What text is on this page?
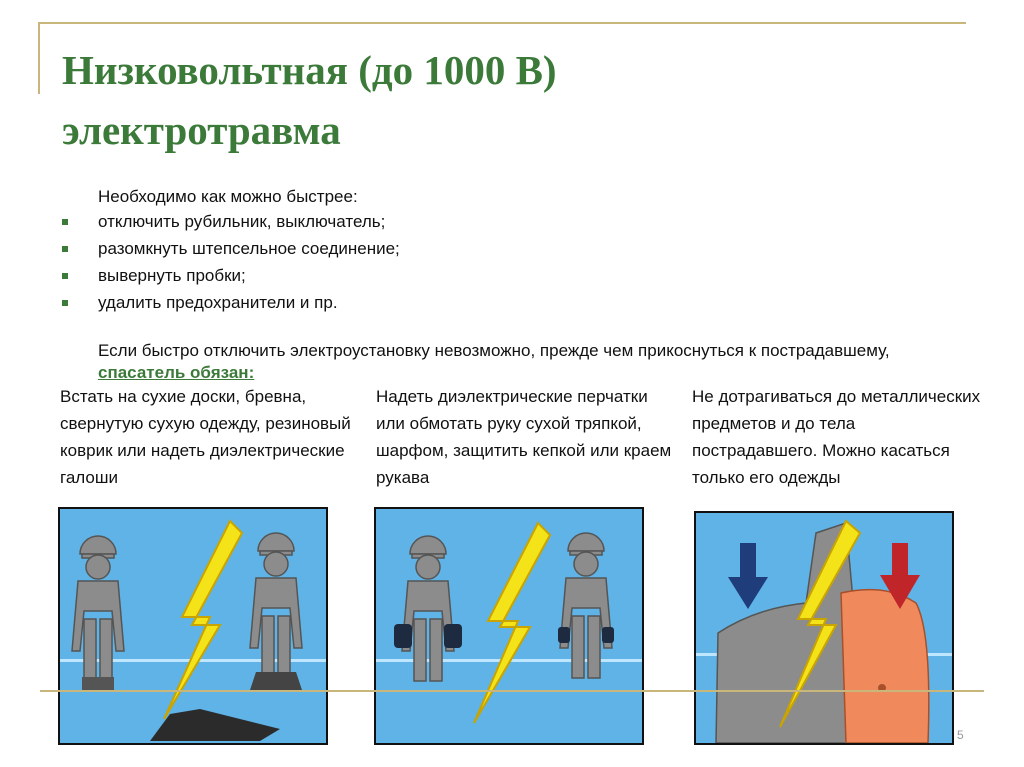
Низковольтная (до 1000 В)
электротравма
Необходимо как можно быстрее:
отключить рубильник, выключатель;
разомкнуть штепсельное соединение;
вывернуть пробки;
удалить предохранители и пр.
Если быстро отключить электроустановку невозможно, прежде чем прикоснуться к пострадавшему, спасатель обязан:
Встать на сухие доски, бревна, свернутую сухую одежду, резиновый коврик или надеть диэлектрические галоши
Надеть диэлектрические перчатки или обмотать руку сухой тряпкой, шарфом, защитить кепкой или краем рукава
Не дотрагиваться до металлических предметов и до тела пострадавшего. Можно касаться только его одежды
5
